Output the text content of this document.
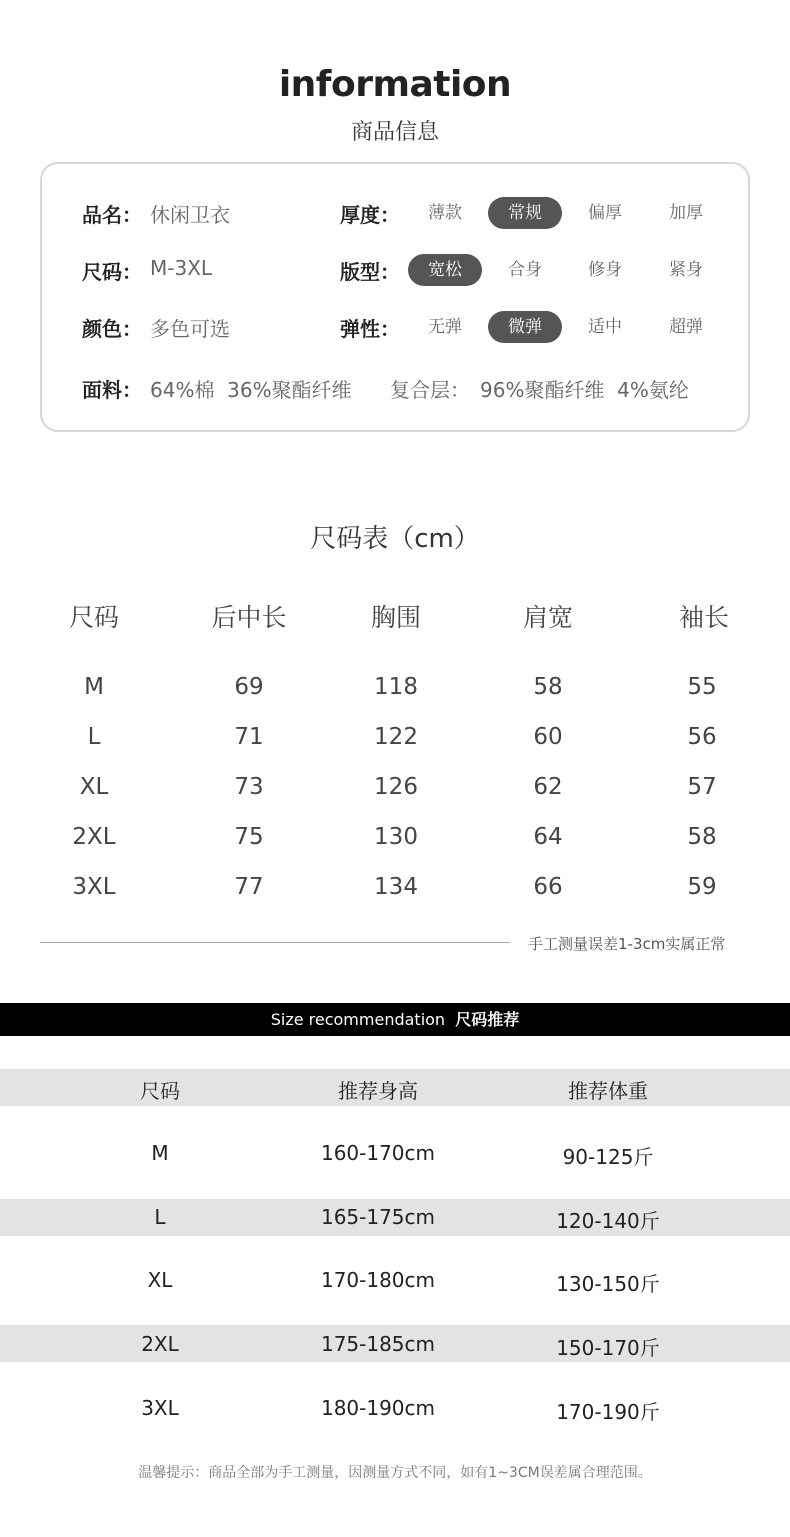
information
商品信息
品名： 休闲卫衣
尺码： M-3XL
颜色： 多色可选
面料： 64%棉  36%聚酯纤维 复合层： 96%聚酯纤维  4%氨纶
厚度：	薄款	常规	偏厚	加厚
版型：	宽松	合身	修身	紧身
弹性：	无弹	微弹	适中	超弹
尺码表（cm）
尺码	后中长	胸围	肩宽	袖长
M	69	118	58	55
L	71	122	60	56
XL	73	126	62	57
2XL	75	130	64	58
3XL	77	134	66	59
手工测量误差1-3cm实属正常
Size recommendation 尺码推荐
尺码	推荐身高	推荐体重
M	160-170cm	90-125斤
L	165-175cm	120-140斤
XL	170-180cm	130-150斤
2XL	175-185cm	150-170斤
3XL	180-190cm	170-190斤
温馨提示：商品全部为手工测量，因测量方式不同，如有1~3CM误差属合理范围。
